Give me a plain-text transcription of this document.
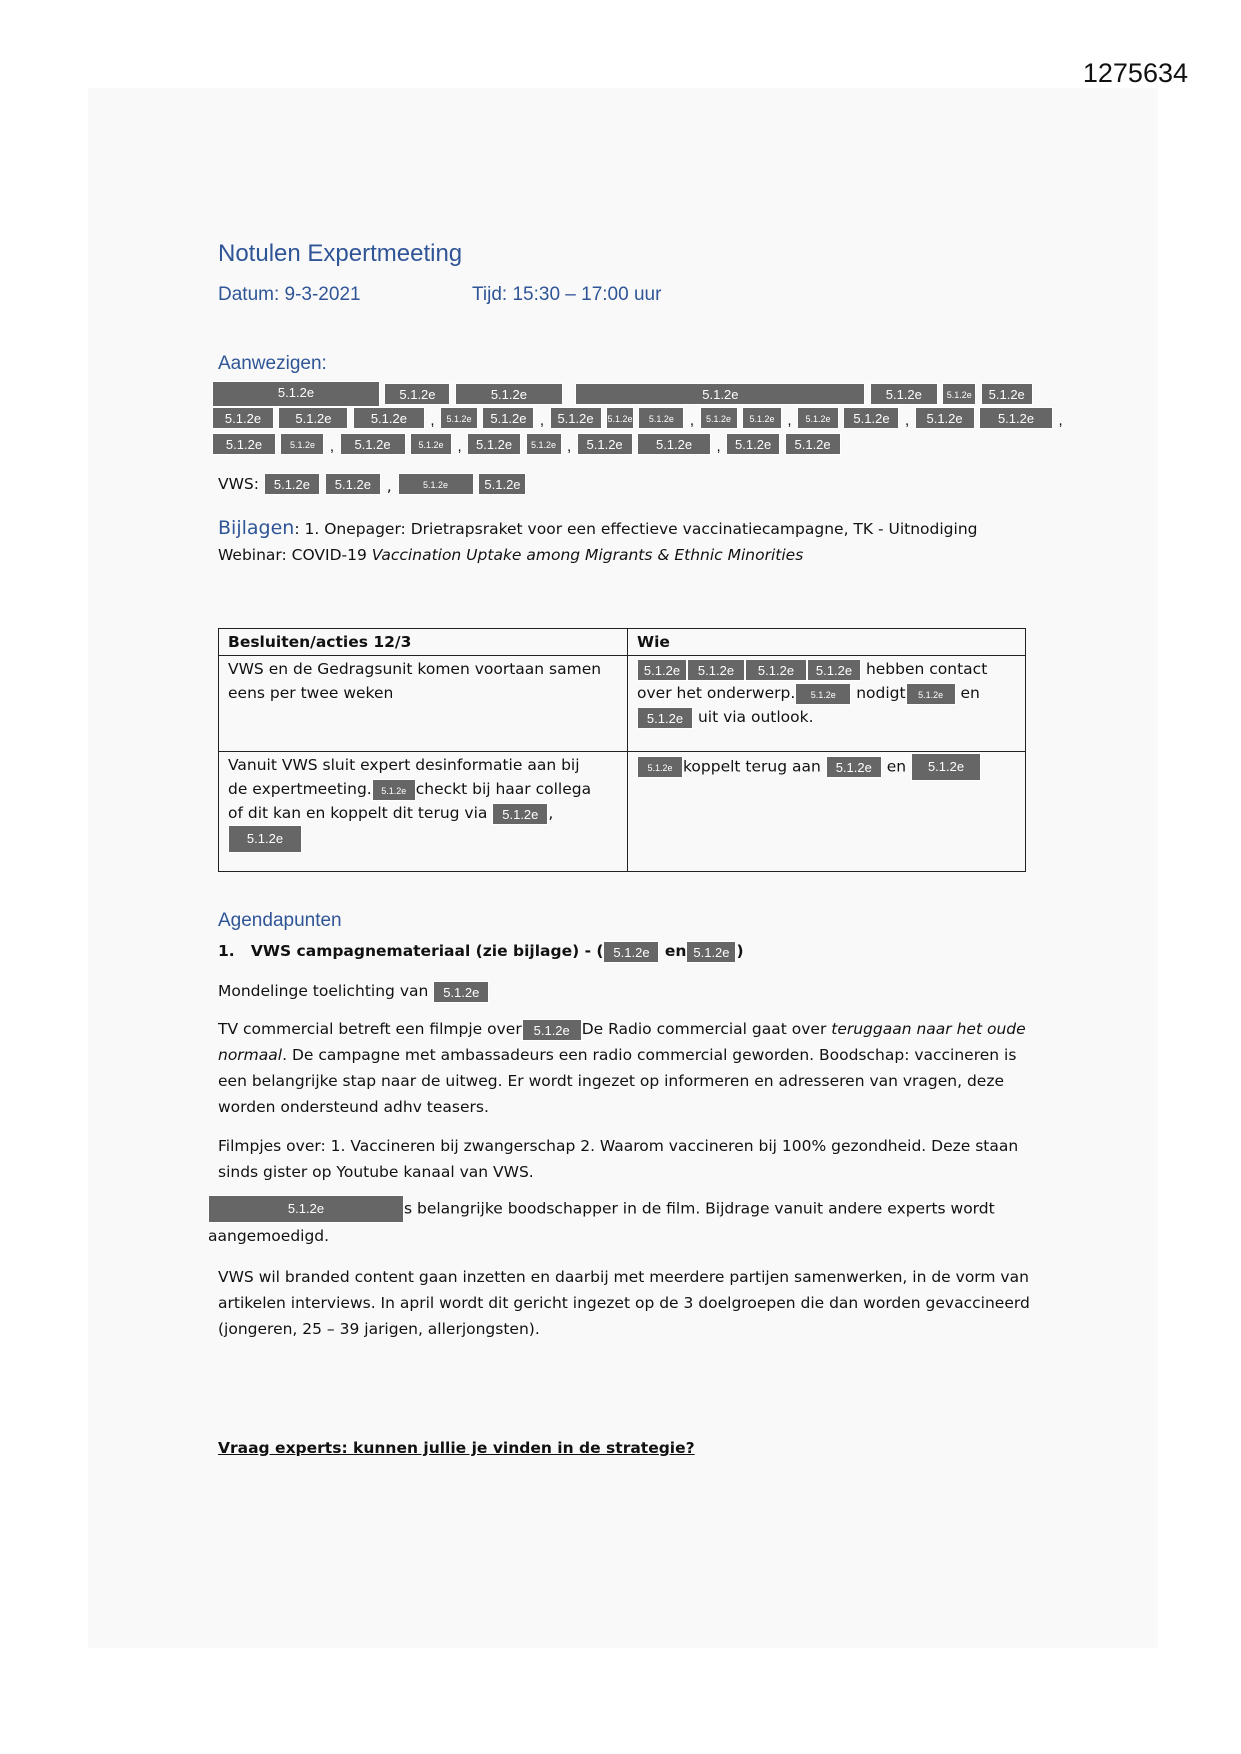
1275634
Notulen Expertmeeting
Datum: 9-3-2021	Tijd: 15:30 – 17:00 uur
Aanwezigen:
5.1.2e	5.1.2e	5.1.2e	5.1.2e	5.1.2e	5.1.2e 5.1.2e
5.1.2e	5.1.2e	5.1.2e , 5.1.2e 5.1.2e , 5.1.2e 5.1.2e 5.1.2e , 5.1.2e 5.1.2e , 5.1.2e 5.1.2e , 5.1.2e	5.1.2e ,
5.1.2e	5.1.2e , 5.1.2e	5.1.2e , 5.1.2e 5.1.2e , 5.1.2e	5.1.2e , 5.1.2e 5.1.2e
VWS: 5.1.2e 5.1.2e ,	5.1.2e	5.1.2e
Bijlagen: 1. Onepager: Drietrapsraket voor een effectieve vaccinatiecampagne, TK - Uitnodiging
Webinar: COVID-19 Vaccination Uptake among Migrants & Ethnic Minorities
Besluiten/acties 12/3	Wie
VWS en de Gedragsunit komen voortaan samen eens per twee weken	5.1.2e 5.1.2e 5.1.2e 5.1.2e hebben contact
over het onderwerp. 5.1.2e nodigt 5.1.2e en
5.1.2e uit via outlook.
Vanuit VWS sluit expert desinformatie aan bij
de expertmeeting. 5.1.2e checkt bij haar collega
of dit kan en koppelt dit terug via 5.1.2e ,
5.1.2e	5.1.2e koppelt terug aan 5.1.2e en 5.1.2e
Agendapunten
1. VWS campagnemateriaal (zie bijlage) - ( 5.1.2e en 5.1.2e )
Mondelinge toelichting van 5.1.2e
TV commercial betreft een filmpje over 5.1.2e De Radio commercial gaat over teruggaan naar het oude normaal. De campagne met ambassadeurs een radio commercial geworden. Boodschap: vaccineren is een belangrijke stap naar de uitweg. Er wordt ingezet op informeren en adresseren van vragen, deze worden ondersteund adhv teasers.
Filmpjes over: 1. Vaccineren bij zwangerschap 2. Waarom vaccineren bij 100% gezondheid. Deze staan sinds gister op Youtube kanaal van VWS.
5.1.2e	s belangrijke boodschapper in de film. Bijdrage vanuit andere experts wordt
aangemoedigd.
VWS wil branded content gaan inzetten en daarbij met meerdere partijen samenwerken, in de vorm van artikelen interviews. In april wordt dit gericht ingezet op de 3 doelgroepen die dan worden gevaccineerd (jongeren, 25 – 39 jarigen, allerjongsten).
Vraag experts: kunnen jullie je vinden in de strategie?
